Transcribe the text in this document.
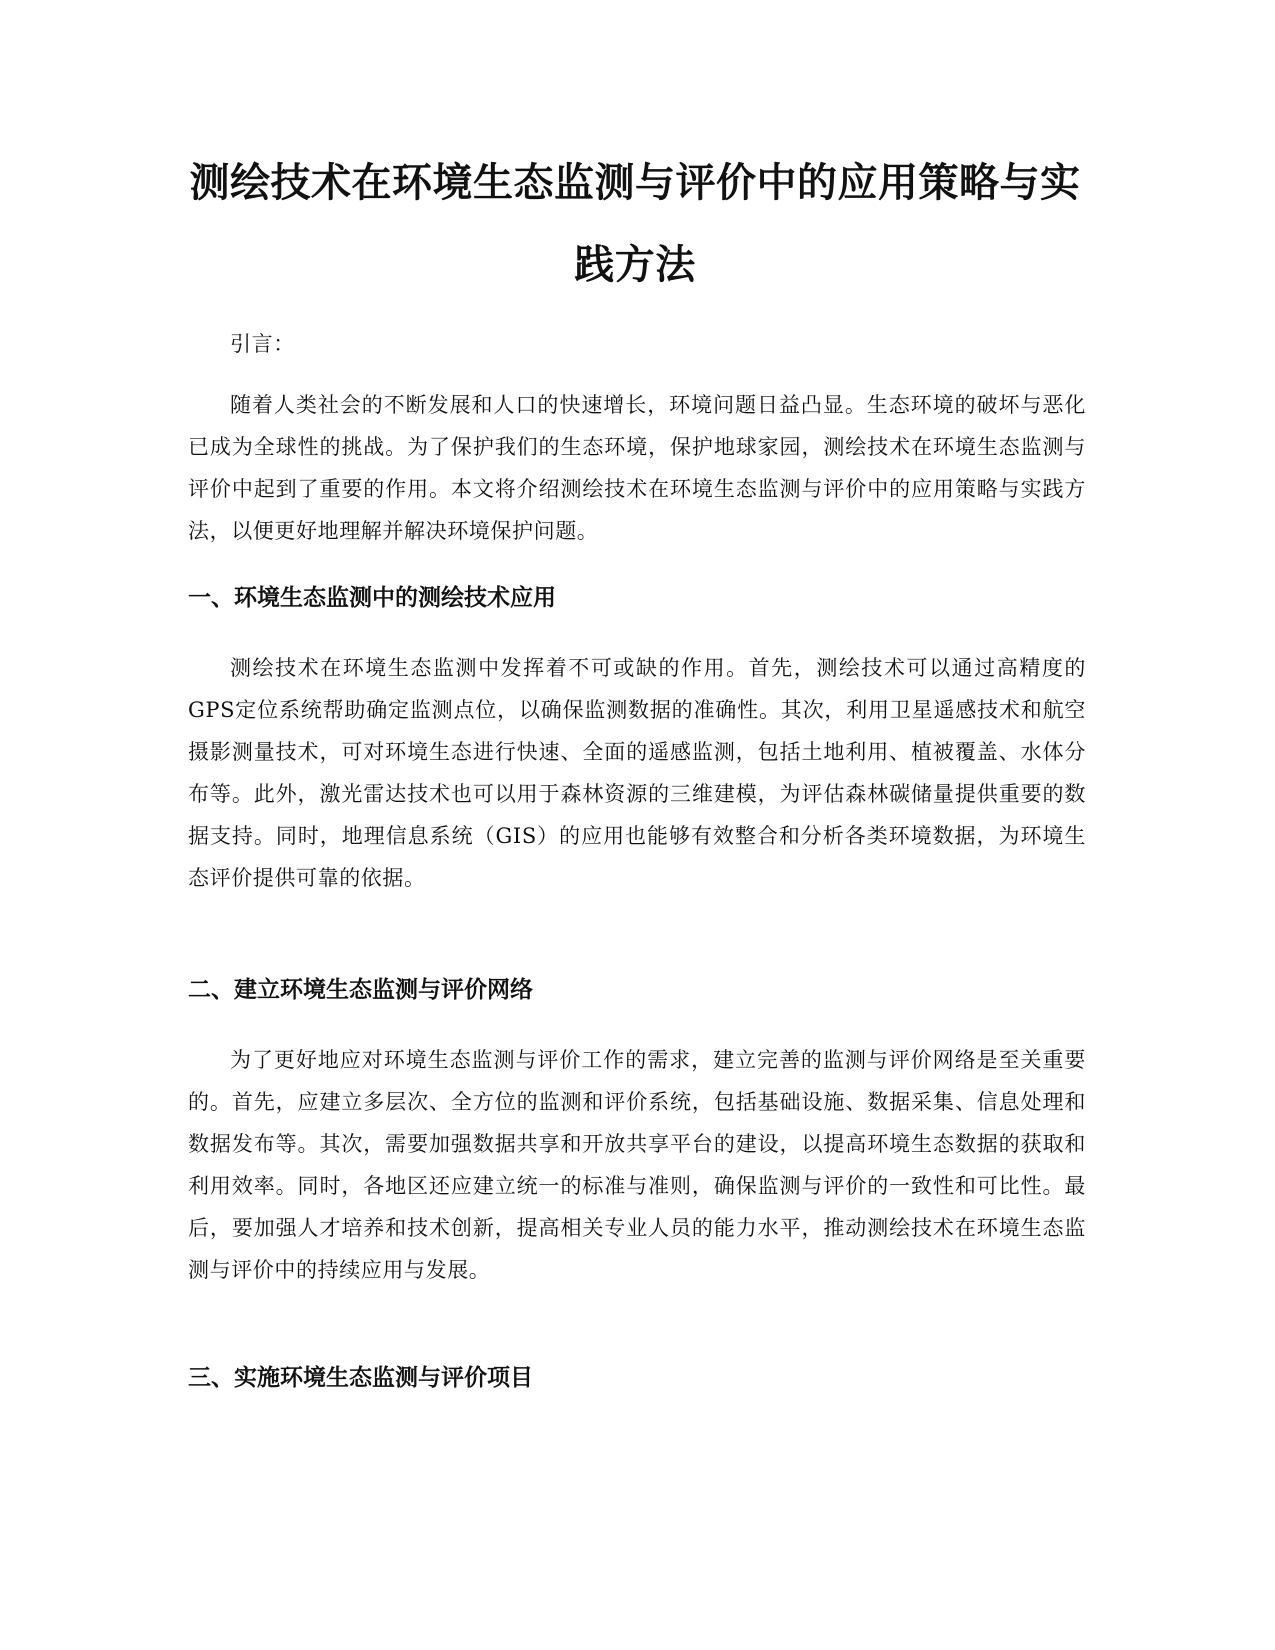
测绘技术在环境生态监测与评价中的应用策略与实践方法

引言：

随着人类社会的不断发展和人口的快速增长，环境问题日益凸显。生态环境的破坏与恶化已成为全球性的挑战。为了保护我们的生态环境，保护地球家园，测绘技术在环境生态监测与评价中起到了重要的作用。本文将介绍测绘技术在环境生态监测与评价中的应用策略与实践方法，以便更好地理解并解决环境保护问题。

一、环境生态监测中的测绘技术应用

测绘技术在环境生态监测中发挥着不可或缺的作用。首先，测绘技术可以通过高精度的GPS定位系统帮助确定监测点位，以确保监测数据的准确性。其次，利用卫星遥感技术和航空摄影测量技术，可对环境生态进行快速、全面的遥感监测，包括土地利用、植被覆盖、水体分布等。此外，激光雷达技术也可以用于森林资源的三维建模，为评估森林碳储量提供重要的数据支持。同时，地理信息系统（GIS）的应用也能够有效整合和分析各类环境数据，为环境生态评价提供可靠的依据。

二、建立环境生态监测与评价网络

为了更好地应对环境生态监测与评价工作的需求，建立完善的监测与评价网络是至关重要的。首先，应建立多层次、全方位的监测和评价系统，包括基础设施、数据采集、信息处理和数据发布等。其次，需要加强数据共享和开放共享平台的建设，以提高环境生态数据的获取和利用效率。同时，各地区还应建立统一的标准与准则，确保监测与评价的一致性和可比性。最后，要加强人才培养和技术创新，提高相关专业人员的能力水平，推动测绘技术在环境生态监测与评价中的持续应用与发展。

三、实施环境生态监测与评价项目
